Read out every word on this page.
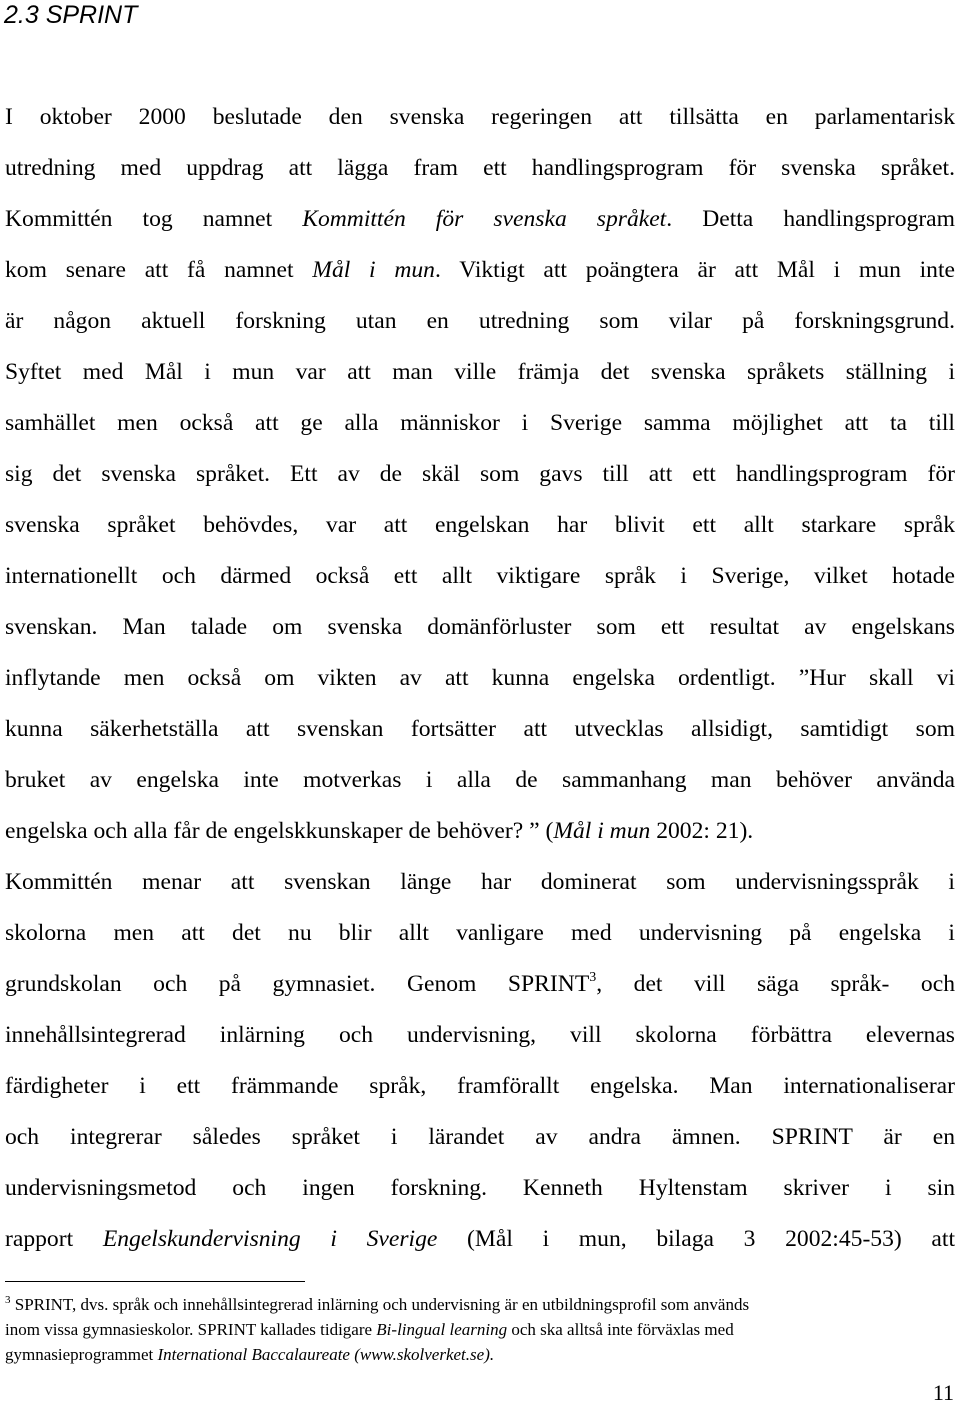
2.3 SPRINT
I oktober 2000 beslutade den svenska regeringen att tillsätta en parlamentarisk
utredning med uppdrag att lägga fram ett handlingsprogram för svenska språket.
Kommittén tog namnet Kommittén för svenska språket. Detta handlingsprogram
kom senare att få namnet Mål i mun. Viktigt att poängtera är att Mål i mun inte
är någon aktuell forskning utan en utredning som vilar på forskningsgrund.
Syftet med Mål i mun var att man ville främja det svenska språkets ställning i
samhället men också att ge alla människor i Sverige samma möjlighet att ta till
sig det svenska språket. Ett av de skäl som gavs till att ett handlingsprogram för
svenska språket behövdes, var att engelskan har blivit ett allt starkare språk
internationellt och därmed också ett allt viktigare språk i Sverige, vilket hotade
svenskan. Man talade om svenska domänförluster som ett resultat av engelskans
inflytande men också om vikten av att kunna engelska ordentligt. ”Hur skall vi
kunna säkerhetställa att svenskan fortsätter att utvecklas allsidigt, samtidigt som
bruket av engelska inte motverkas i alla de sammanhang man behöver använda
engelska och alla får de engelskkunskaper de behöver? ” (Mål i mun 2002: 21).
Kommittén menar att svenskan länge har dominerat som undervisningsspråk i
skolorna men att det nu blir allt vanligare med undervisning på engelska i
grundskolan och på gymnasiet. Genom SPRINT$^3$, det vill säga språk- och
innehållsintegrerad inlärning och undervisning, vill skolorna förbättra elevernas
färdigheter i ett främmande språk, framförallt engelska. Man internationaliserar
och integrerar således språket i lärandet av andra ämnen. SPRINT är en
undervisningsmetod och ingen forskning. Kenneth Hyltenstam skriver i sin
rapport Engelskundervisning i Sverige (Mål i mun, bilaga 3 2002:45-53) att
$^3$ SPRINT, dvs. språk och innehållsintegrerad inlärning och undervisning är en utbildningsprofil som används
inom vissa gymnasieskolor. SPRINT kallades tidigare Bi-lingual learning och ska alltså inte förväxlas med
gymnasieprogrammet International Baccalaureate (www.skolverket.se).
11
